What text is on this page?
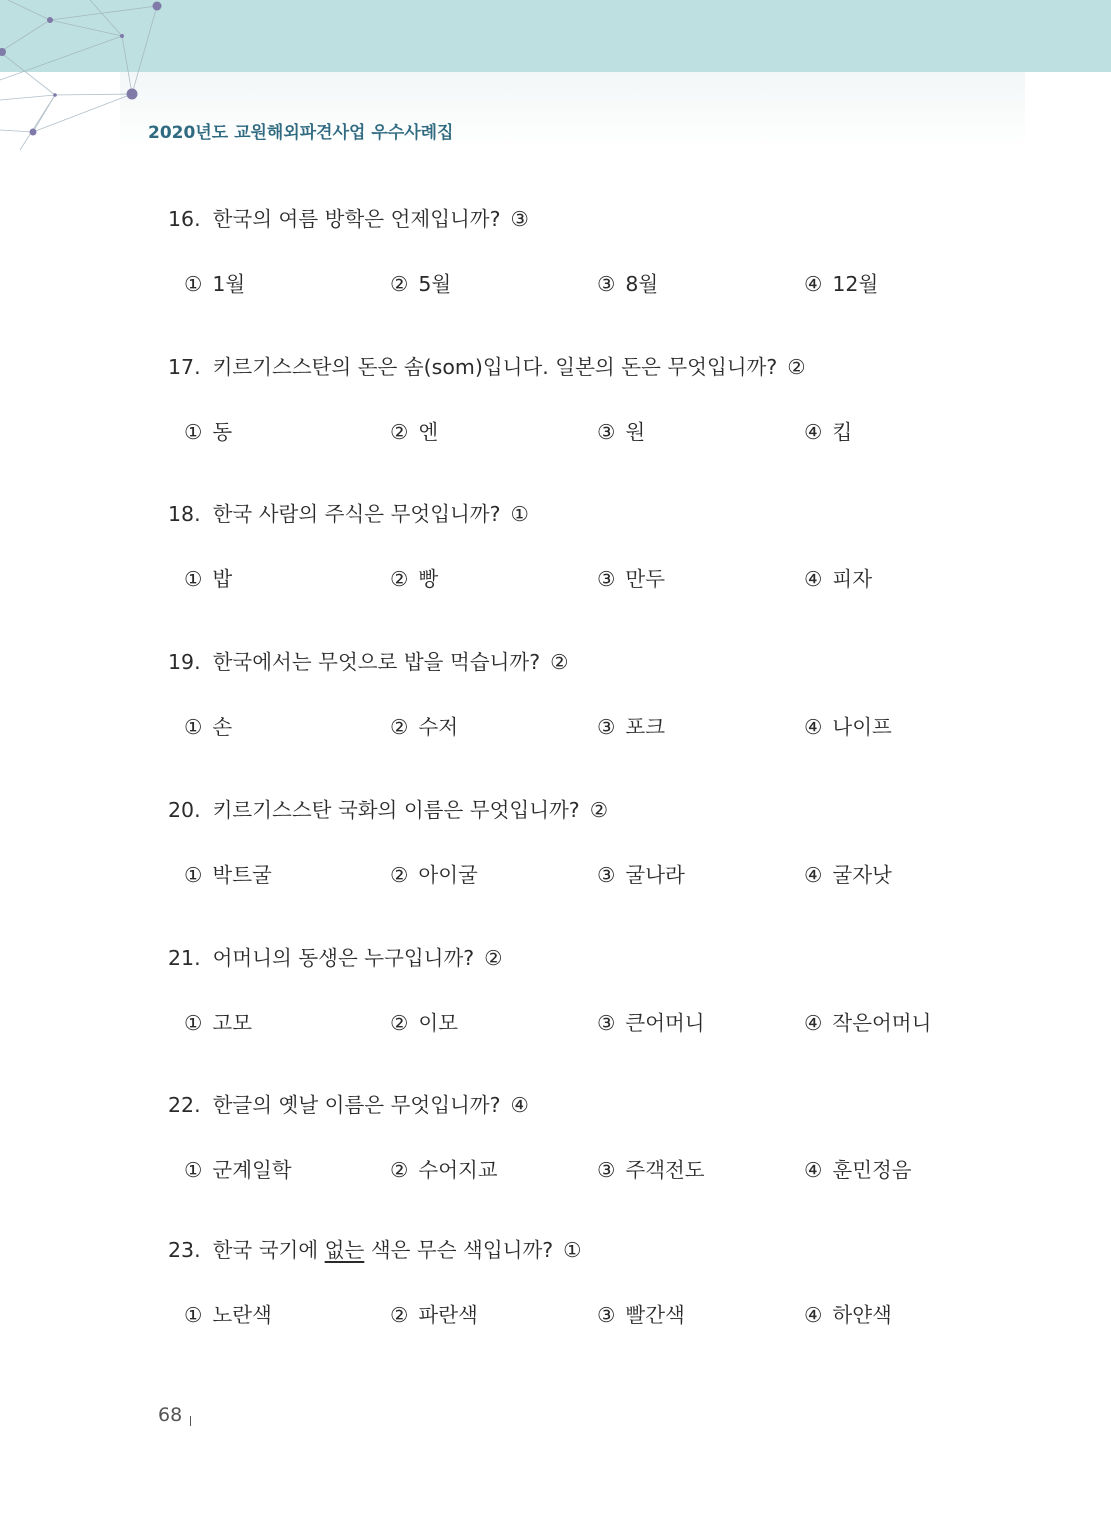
2020년도 교원해외파견사업 우수사례집
16. 한국의 여름 방학은 언제입니까? ③
① 1월	② 5월	③ 8월	④ 12월
17. 키르기스스탄의 돈은 솜(som)입니다. 일본의 돈은 무엇입니까? ②
① 동	② 엔	③ 원	④ 킵
18. 한국 사람의 주식은 무엇입니까? ①
① 밥	② 빵	③ 만두	④ 피자
19. 한국에서는 무엇으로 밥을 먹습니까? ②
① 손	② 수저	③ 포크	④ 나이프
20. 키르기스스탄 국화의 이름은 무엇입니까? ②
① 박트굴	② 아이굴	③ 굴나라	④ 굴자낫
21. 어머니의 동생은 누구입니까? ②
① 고모	② 이모	③ 큰어머니	④ 작은어머니
22. 한글의 옛날 이름은 무엇입니까? ④
① 군계일학	② 수어지교	③ 주객전도	④ 훈민정음
23. 한국 국기에 없는 색은 무슨 색입니까? ①
① 노란색	② 파란색	③ 빨간색	④ 하얀색
68
